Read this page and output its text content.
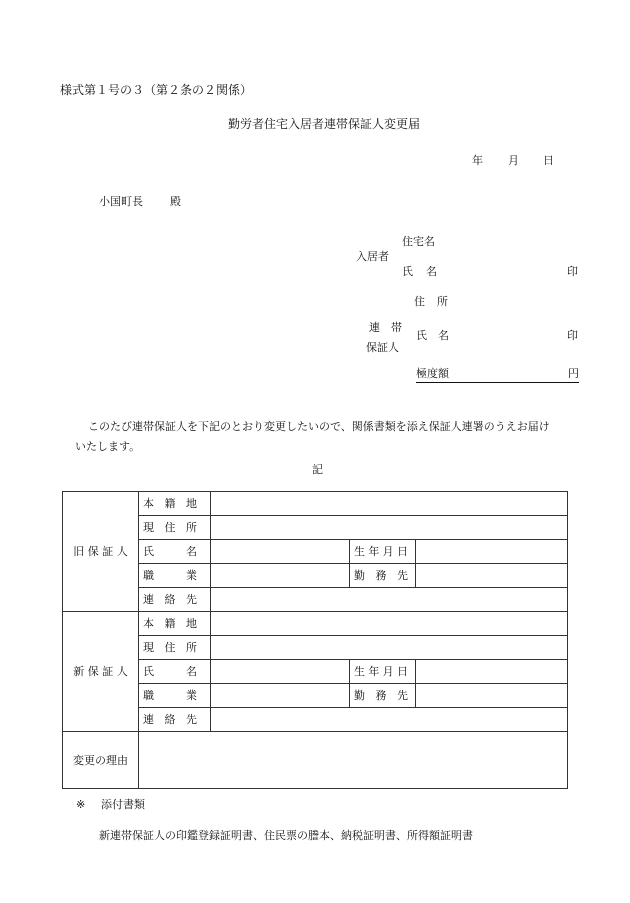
様式第１号の３（第２条の２関係）
勤労者住宅入居者連帯保証人変更届
年 月 日
小国町長 殿
住宅名
入居者
氏 名	印
住 所
連　帯
保証人
氏 名	印
極度額	円
このたび連帯保証人を下記のとおり変更したいので、関係書類を添え保証人連署のうえお届け
いたします。
記
旧 保 証 人	本 籍 地			

	現 住 所			

	氏 名		生 年 月 日	

	職 業		勤 務 先	

	連 絡 先			

新 保 証 人	本 籍 地			

	現 住 所			

	氏 名		生 年 月 日	

	職 業		勤 務 先	

	連 絡 先			

変更の理由				
※ 添付書類
新連帯保証人の印鑑登録証明書、住民票の謄本、納税証明書、所得額証明書
